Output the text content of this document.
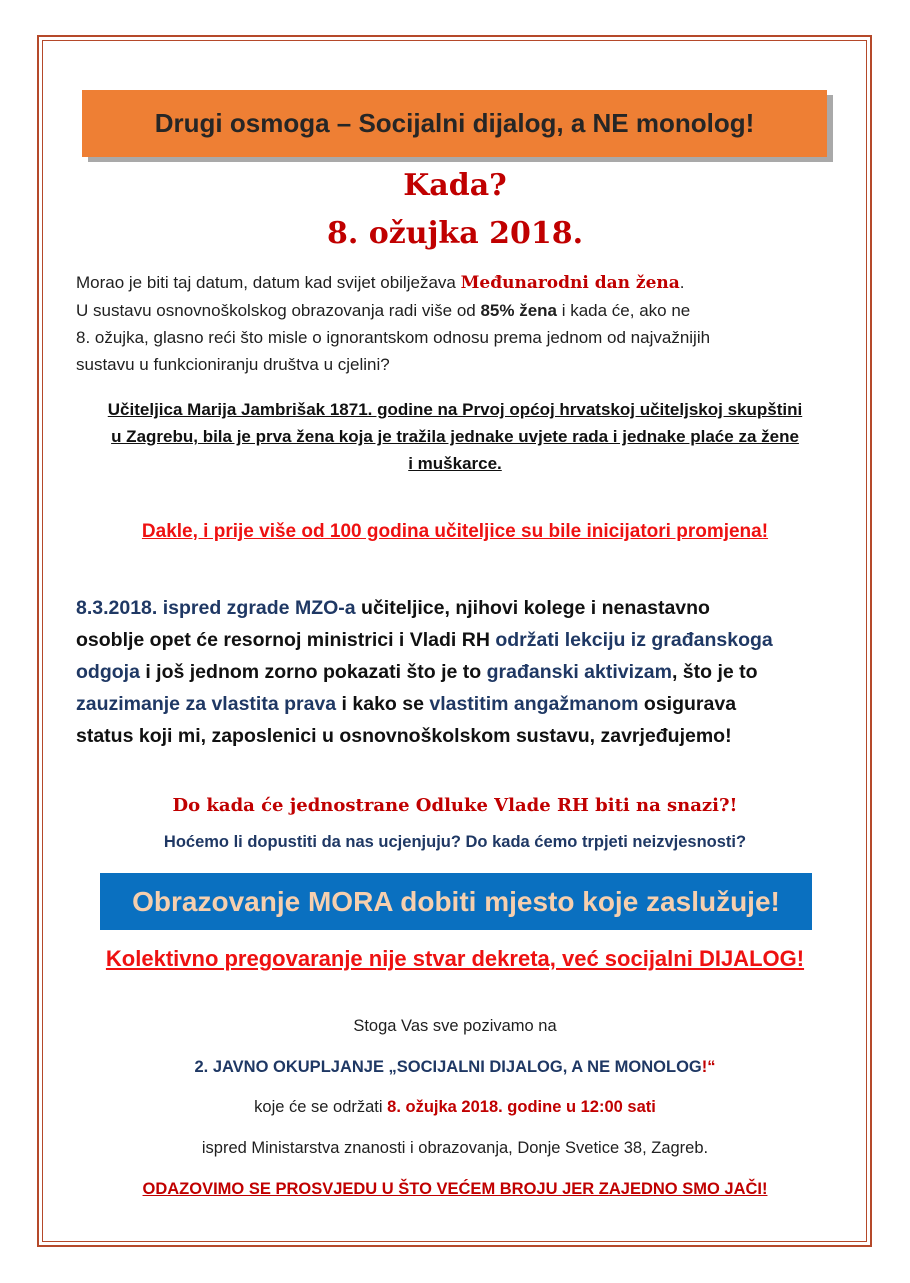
Drugi osmoga – Socijalni dijalog, a NE monolog!
Kada?
8. ožujka 2018.
Morao je biti taj datum, datum kad svijet obilježava Međunarodni dan žena.
U sustavu osnovnoškolskog obrazovanja radi više od 85% žena i kada će, ako ne
8. ožujka, glasno reći što misle o ignorantskom odnosu prema jednom od najvažnijih
sustavu u funkcioniranju društva u cjelini?
Učiteljica Marija Jambrišak 1871. godine na Prvoj općoj hrvatskoj učiteljskoj skupštini
u Zagrebu, bila je prva žena koja je tražila jednake uvjete rada i jednake plaće za žene
i muškarce.
Dakle, i prije više od 100 godina učiteljice su bile inicijatori promjena!
8.3.2018. ispred zgrade MZO-a učiteljice, njihovi kolege i nenastavno
osoblje opet će resornoj ministrici i Vladi RH održati lekciju iz građanskoga
odgoja i još jednom zorno pokazati što je to građanski aktivizam, što je to
zauzimanje za vlastita prava i kako se vlastitim angažmanom osigurava
status koji mi, zaposlenici u osnovnoškolskom sustavu, zavrjeđujemo!
Do kada će jednostrane Odluke Vlade RH biti na snazi?!
Hoćemo li dopustiti da nas ucjenjuju? Do kada ćemo trpjeti neizvjesnosti?
Obrazovanje MORA dobiti mjesto koje zaslužuje!
Kolektivno pregovaranje nije stvar dekreta, već socijalni DIJALOG!
Stoga Vas sve pozivamo na
2. JAVNO OKUPLJANJE „SOCIJALNI DIJALOG, A NE MONOLOG!“
koje će se održati 8. ožujka 2018. godine u 12:00 sati
ispred Ministarstva znanosti i obrazovanja, Donje Svetice 38, Zagreb.
ODAZOVIMO SE PROSVJEDU U ŠTO VEĆEM BROJU JER ZAJEDNO SMO JAČI!
